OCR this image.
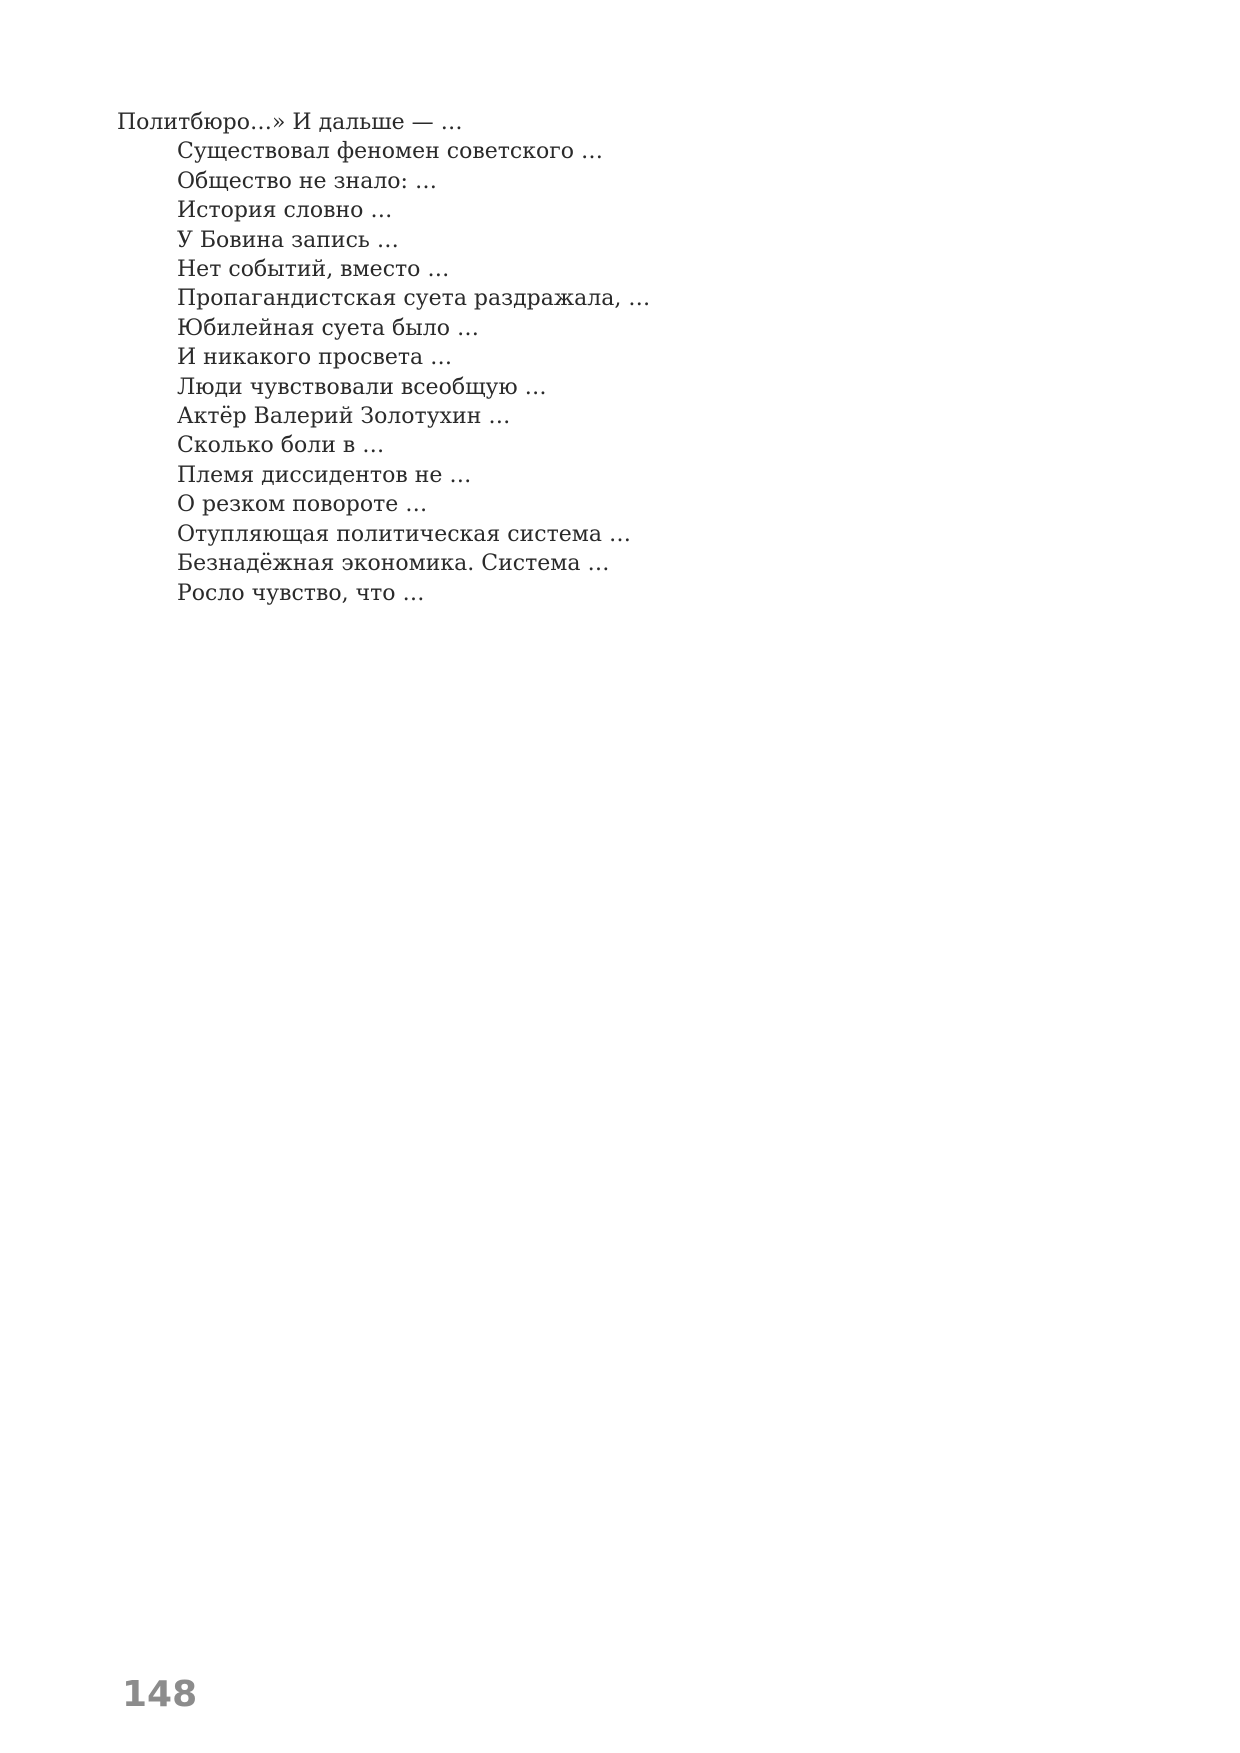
Политбюро…» И дальше — …

Существовал феномен советского …

Общество не знало: …

История словно …

У Бовина запись …

Нет событий, вместо …

Пропагандистская суета раздражала, …

Юбилейная суета было …

И никакого просвета …

Люди чувствовали всеобщую …

Актёр Валерий Золотухин …

Сколько боли в …

Племя диссидентов не …

О резком повороте …

Отупляющая политическая система …

Безнадёжная экономика. Система …

Росло чувство, что …

148
